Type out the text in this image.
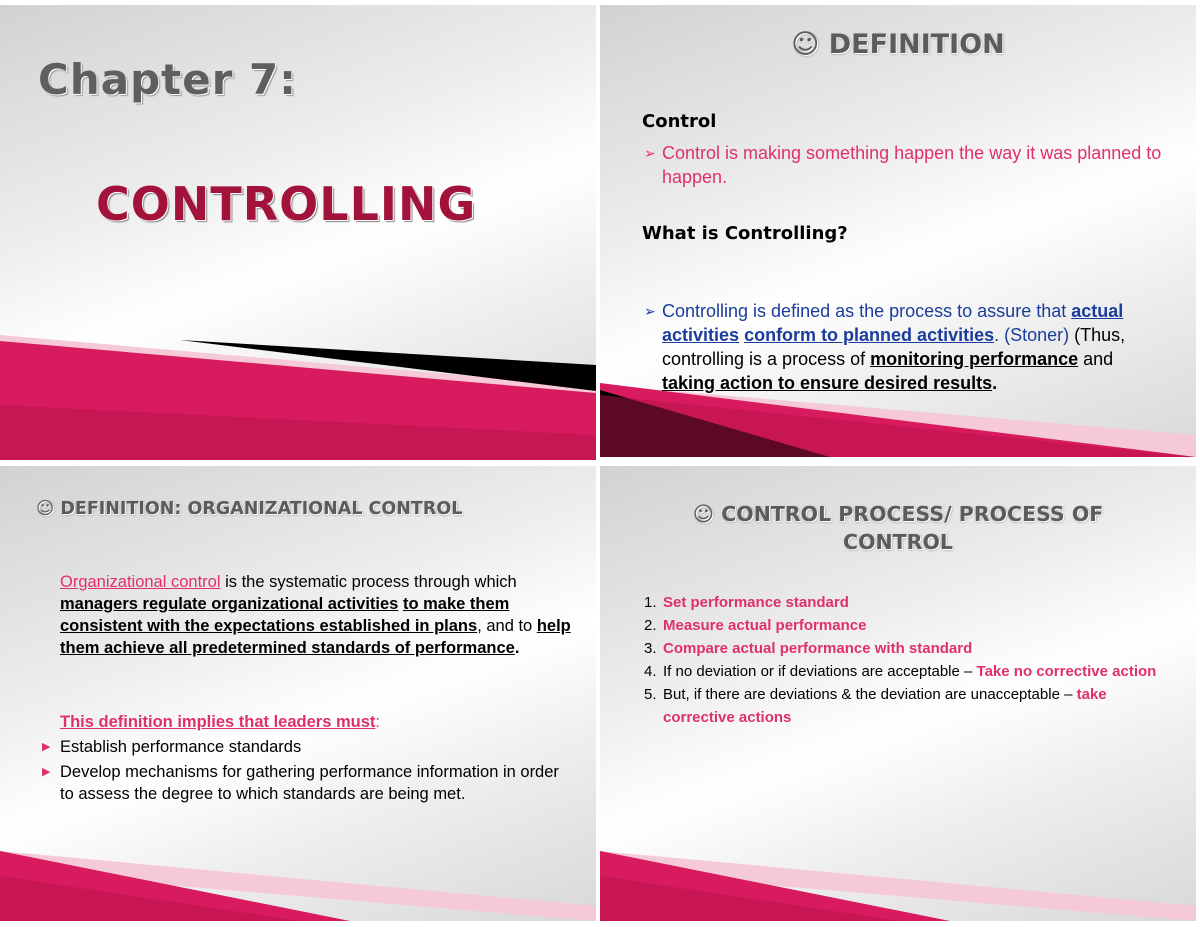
Chapter 7:
CONTROLLING
☺ DEFINITION
Control
➢ Control is making something happen the way it was planned to happen.
What is Controlling?
➢ Controlling is defined as the process to assure that actual activities conform to planned activities. (Stoner) (Thus, controlling is a process of monitoring performance and taking action to ensure desired results.
☺ DEFINITION: ORGANIZATIONAL CONTROL
Organizational control is the systematic process through which managers regulate organizational activities to make them consistent with the expectations established in plans, and to help them achieve all predetermined standards of performance.
This definition implies that leaders must:
▶ Establish performance standards
▶ Develop mechanisms for gathering performance information in order to assess the degree to which standards are being met.
☺ CONTROL PROCESS/ PROCESS OF CONTROL
1. Set performance standard
2. Measure actual performance
3. Compare actual performance with standard
4. If no deviation or if deviations are acceptable – Take no corrective action
5. But, if there are deviations & the deviation are unacceptable – take corrective actions
